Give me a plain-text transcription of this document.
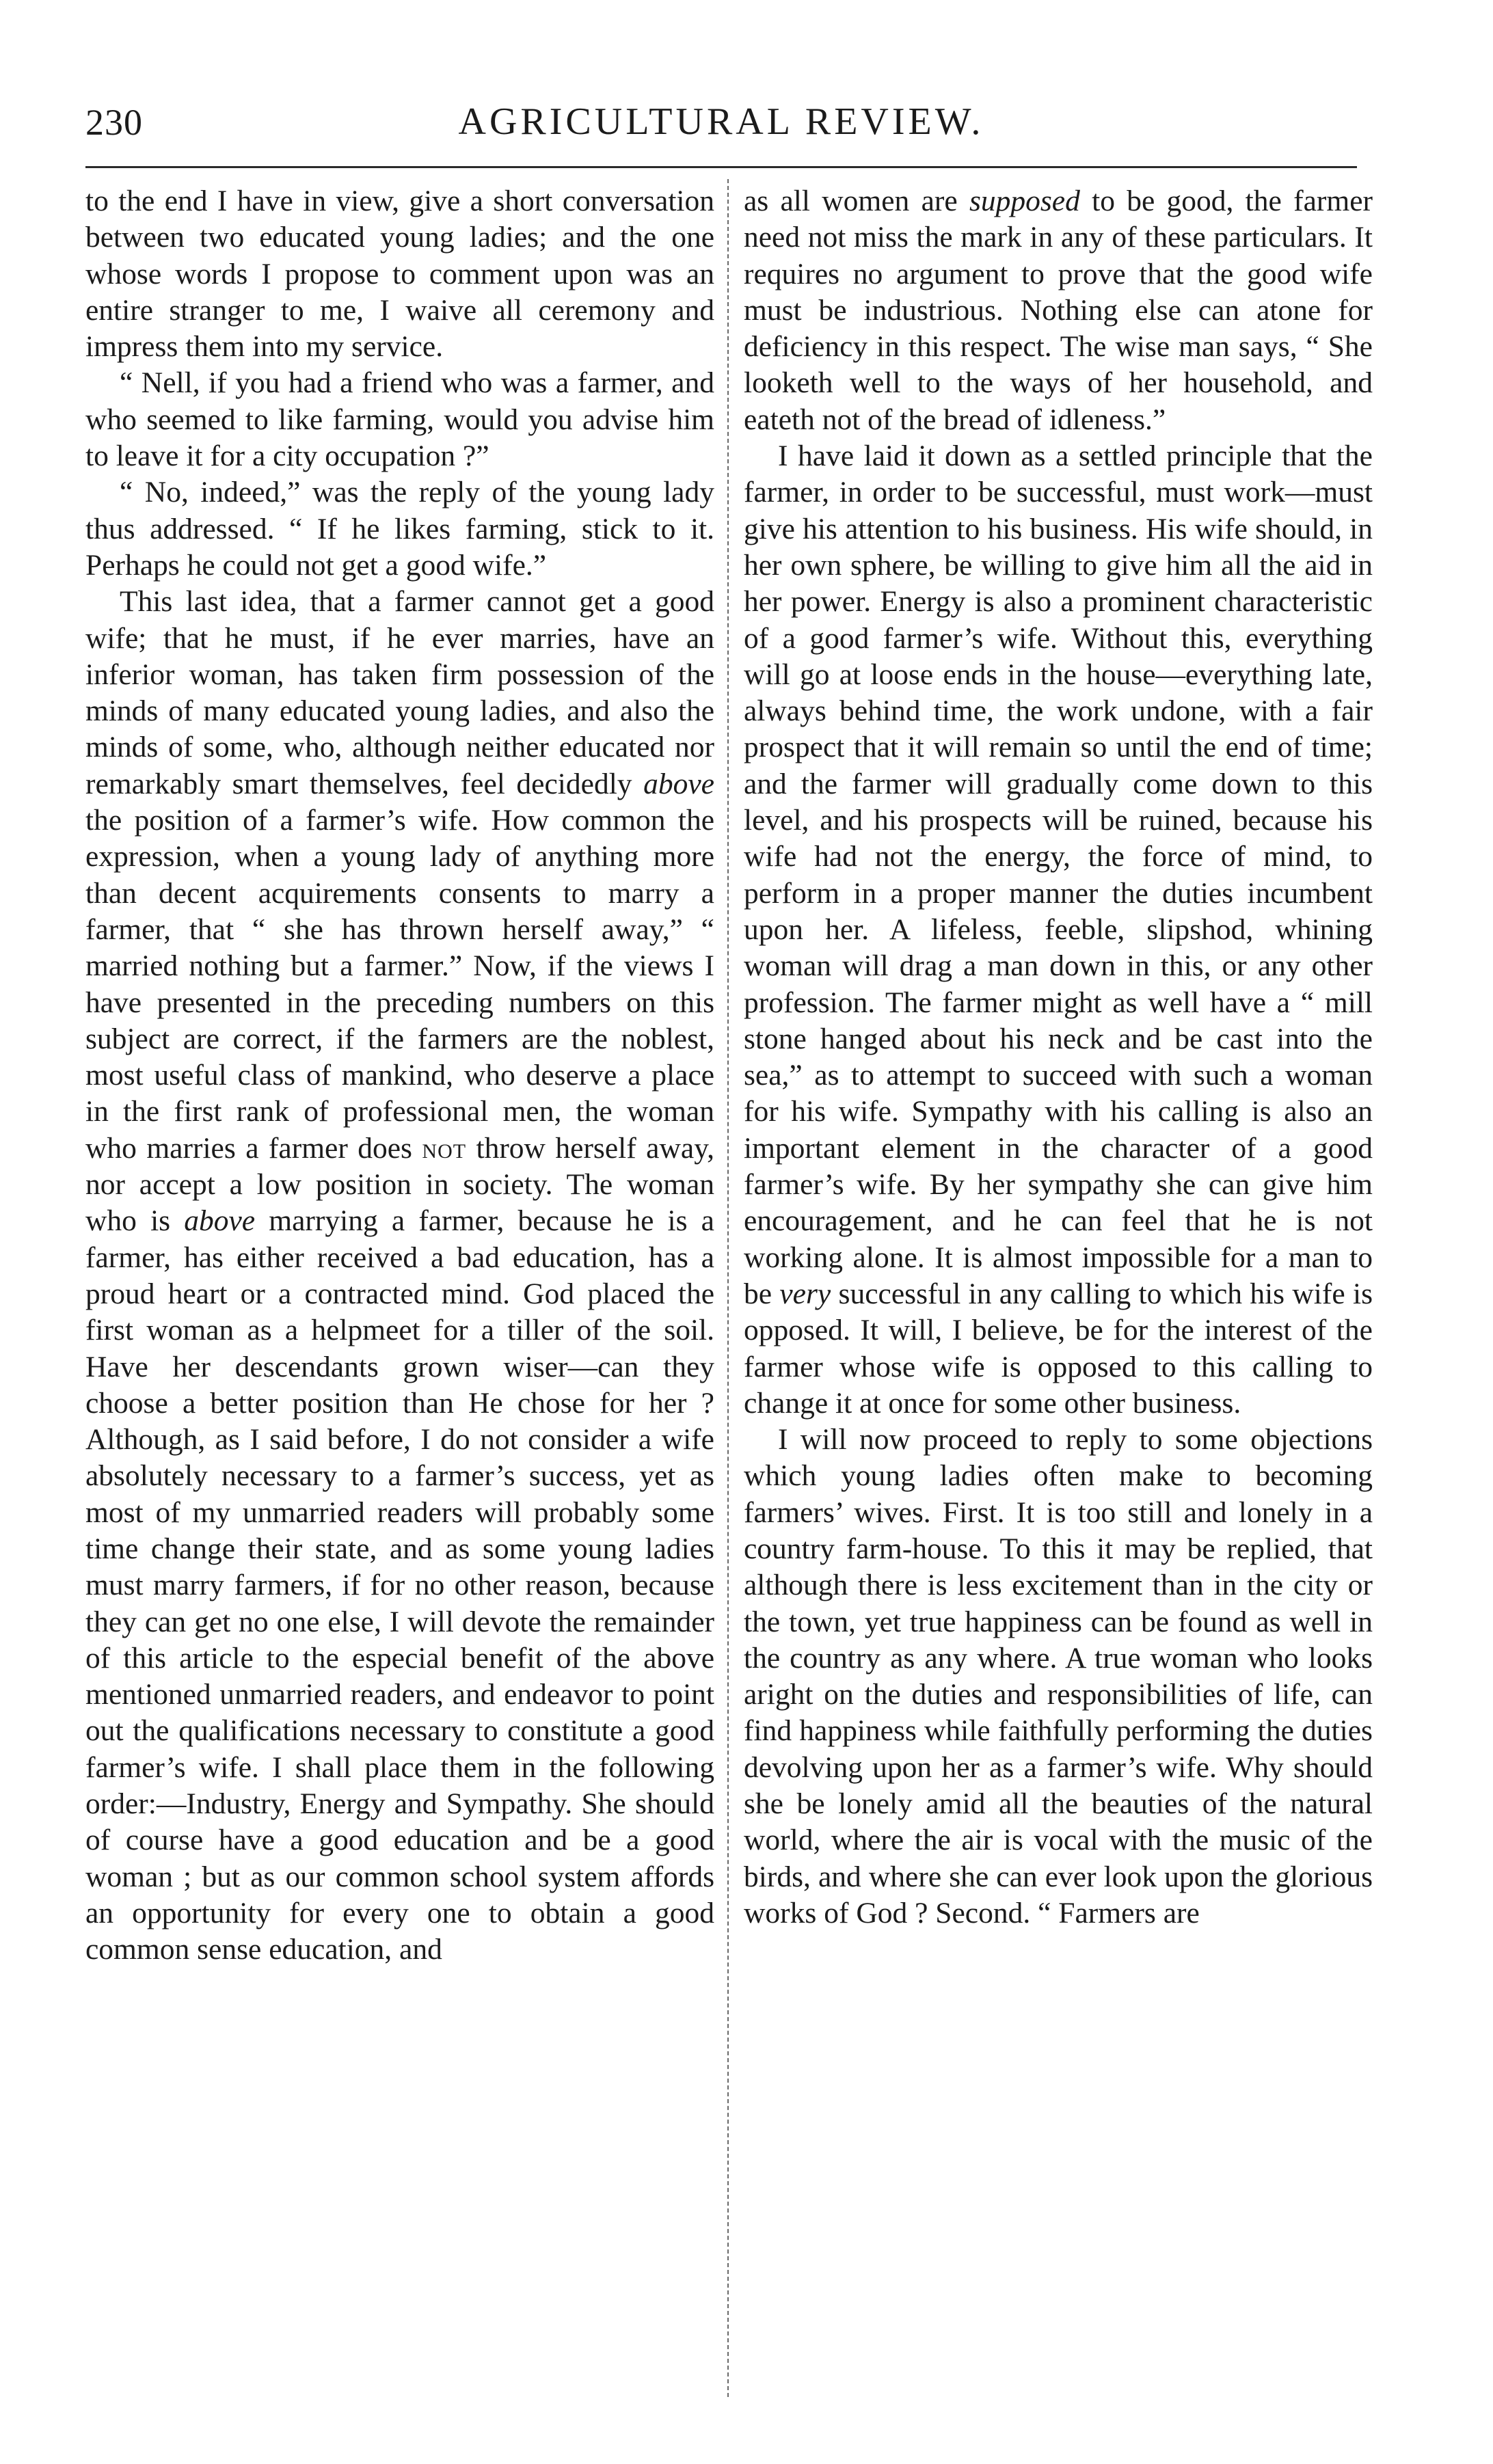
230	AGRICULTURAL REVIEW.

to the end I have in view, give a short conversation between two educated young ladies; and the one whose words I propose to comment upon was an entire stranger to me, I waive all ceremony and impress them into my service.

“ Nell, if you had a friend who was a farmer, and who seemed to like farming, would you advise him to leave it for a city occupation ?”

“ No, indeed,” was the reply of the young lady thus addressed. “ If he likes farming, stick to it. Perhaps he could not get a good wife.”

This last idea, that a farmer cannot get a good wife; that he must, if he ever marries, have an inferior woman, has taken firm possession of the minds of many educated young ladies, and also the minds of some, who, although neither educated nor remarkably smart themselves, feel decidedly above the position of a farmer’s wife. How common the expression, when a young lady of anything more than decent acquirements consents to marry a farmer, that “ she has thrown herself away,” “ married nothing but a farmer.” Now, if the views I have presented in the preceding numbers on this subject are correct, if the farmers are the noblest, most useful class of mankind, who deserve a place in the first rank of professional men, the woman who marries a farmer does not throw herself away, nor accept a low position in society. The woman who is above marrying a farmer, because he is a farmer, has either received a bad education, has a proud heart or a contracted mind. God placed the first woman as a helpmeet for a tiller of the soil. Have her descendants grown wiser—can they choose a better position than He chose for her ? Although, as I said before, I do not consider a wife absolutely necessary to a farmer’s success, yet as most of my unmarried readers will probably some time change their state, and as some young ladies must marry farmers, if for no other reason, because they can get no one else, I will devote the remainder of this article to the especial benefit of the above mentioned unmarried readers, and endeavor to point out the qualifications necessary to constitute a good farmer’s wife. I shall place them in the following order:—Industry, Energy and Sympathy. She should of course have a good education and be a good woman ; but as our common school system affords an opportunity for every one to obtain a good common sense education, and

as all women are supposed to be good, the farmer need not miss the mark in any of these particulars. It requires no argument to prove that the good wife must be industrious. Nothing else can atone for deficiency in this respect. The wise man says, “ She looketh well to the ways of her household, and eateth not of the bread of idleness.”

I have laid it down as a settled principle that the farmer, in order to be successful, must work—must give his attention to his business. His wife should, in her own sphere, be willing to give him all the aid in her power. Energy is also a prominent characteristic of a good farmer’s wife. Without this, everything will go at loose ends in the house—everything late, always behind time, the work undone, with a fair prospect that it will remain so until the end of time; and the farmer will gradually come down to this level, and his prospects will be ruined, because his wife had not the energy, the force of mind, to perform in a proper manner the duties incumbent upon her. A lifeless, feeble, slipshod, whining woman will drag a man down in this, or any other profession. The farmer might as well have a “ mill stone hanged about his neck and be cast into the sea,” as to attempt to succeed with such a woman for his wife. Sympathy with his calling is also an important element in the character of a good farmer’s wife. By her sympathy she can give him encouragement, and he can feel that he is not working alone. It is almost impossible for a man to be very successful in any calling to which his wife is opposed. It will, I believe, be for the interest of the farmer whose wife is opposed to this calling to change it at once for some other business.

I will now proceed to reply to some objections which young ladies often make to becoming farmers’ wives. First. It is too still and lonely in a country farm-house. To this it may be replied, that although there is less excitement than in the city or the town, yet true happiness can be found as well in the country as any where. A true woman who looks aright on the duties and responsibilities of life, can find happiness while faithfully performing the duties devolving upon her as a farmer’s wife. Why should she be lonely amid all the beauties of the natural world, where the air is vocal with the music of the birds, and where she can ever look upon the glorious works of God ? Second. “ Farmers are
